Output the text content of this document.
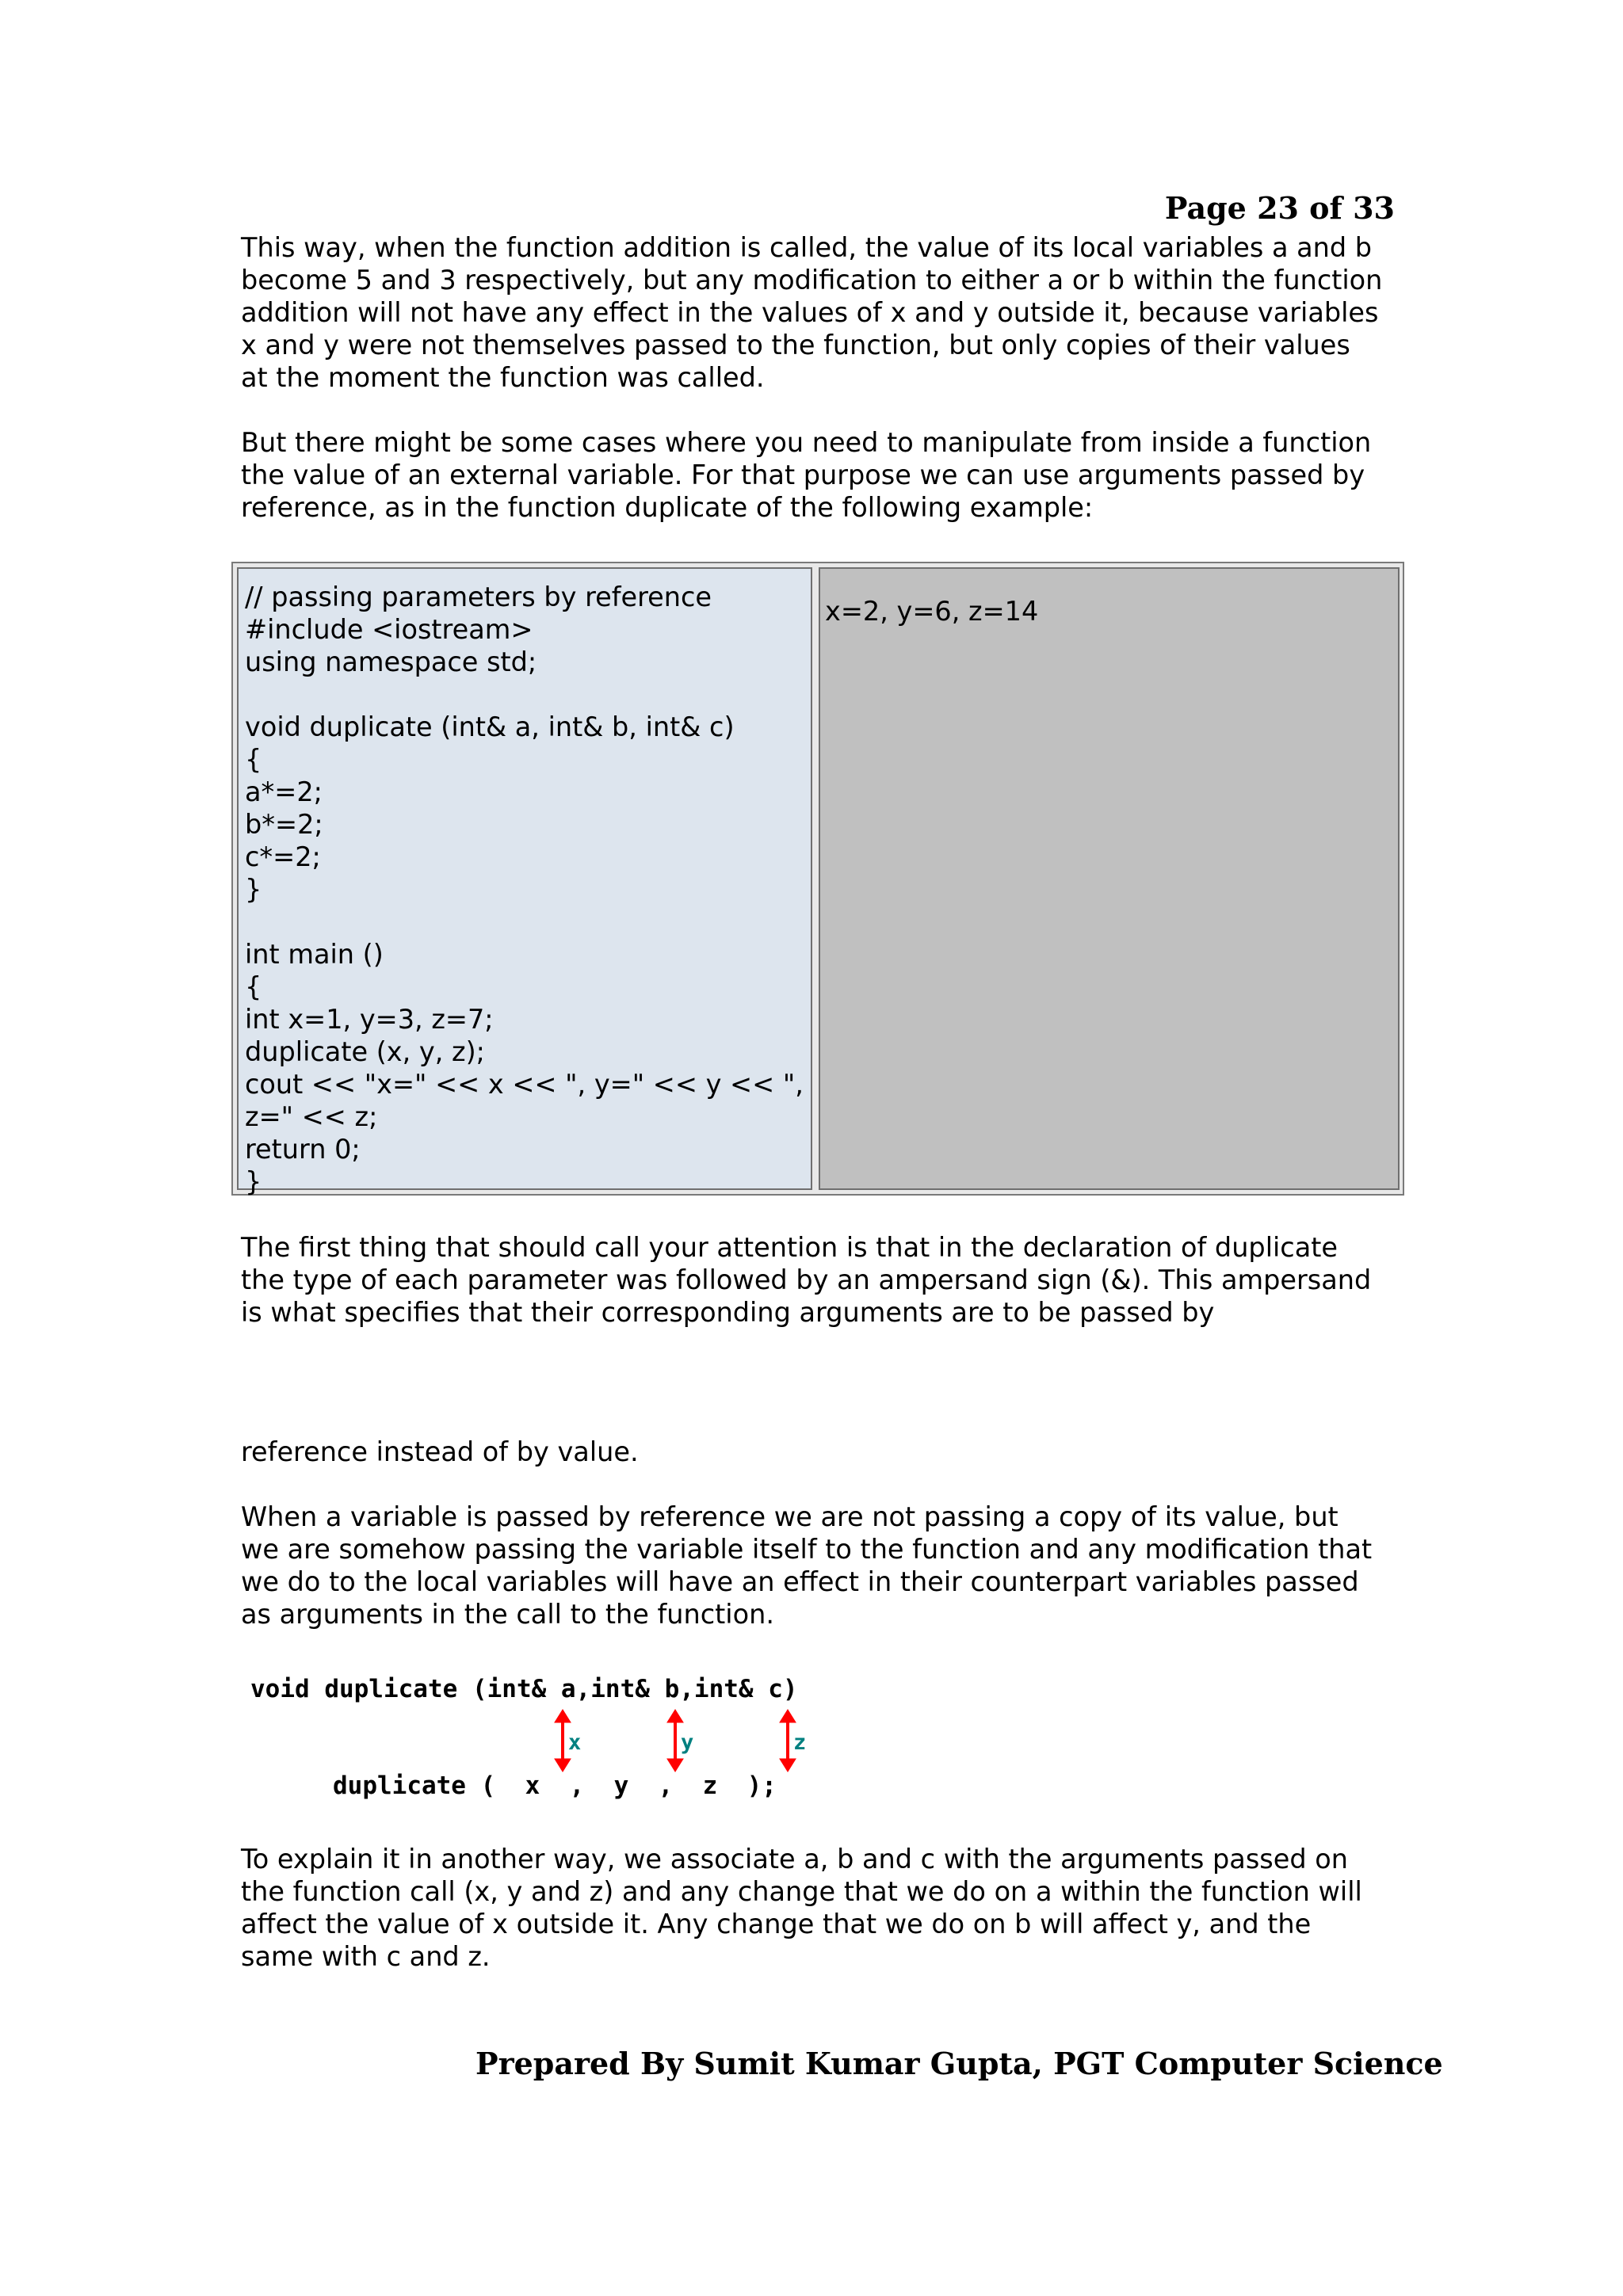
Page 23 of 33
This way, when the function addition is called, the value of its local variables a and b
become 5 and 3 respectively, but any modification to either a or b within the function
addition will not have any effect in the values of x and y outside it, because variables
x and y were not themselves passed to the function, but only copies of their values
at the moment the function was called.
But there might be some cases where you need to manipulate from inside a function
the value of an external variable. For that purpose we can use arguments passed by
reference, as in the function duplicate of the following example:
// passing parameters by reference
#include <iostream>
using namespace std;
void duplicate (int& a, int& b, int& c)
{
a*=2;
b*=2;
c*=2;
}
int main ()
{
int x=1, y=3, z=7;
duplicate (x, y, z);
cout << "x=" << x << ", y=" << y << ",
z=" << z;
return 0;
}
x=2, y=6, z=14
The first thing that should call your attention is that in the declaration of duplicate
the type of each parameter was followed by an ampersand sign (&). This ampersand
is what specifies that their corresponding arguments are to be passed by
reference instead of by value.
When a variable is passed by reference we are not passing a copy of its value, but
we are somehow passing the variable itself to the function and any modification that
we do to the local variables will have an effect in their counterpart variables passed
as arguments in the call to the function.
void duplicate (int& a,int& b,int& c)
duplicate (  x  ,  y  ,  z  );
x	y	z
To explain it in another way, we associate a, b and c with the arguments passed on
the function call (x, y and z) and any change that we do on a within the function will
affect the value of x outside it. Any change that we do on b will affect y, and the
same with c and z.
Prepared By Sumit Kumar Gupta, PGT Computer Science
